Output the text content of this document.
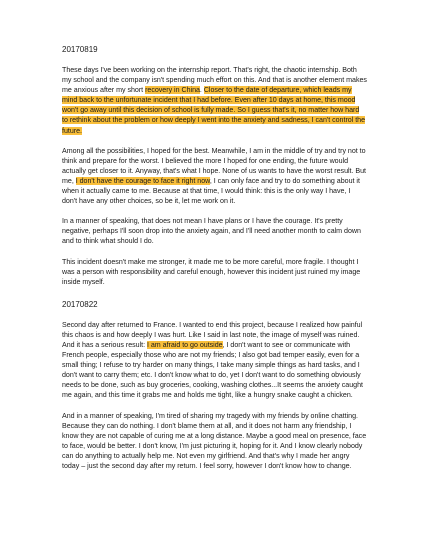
20170819

These days I've been working on the internship report. That's right, the chaotic internship. Both my school and the company isn't spending much effort on this. And that is another element makes me anxious after my short recovery in China. Closer to the date of departure, which leads my mind back to the unfortunate incident that I had before. Even after 10 days at home, this mood won't go away until this decision of school is fully made. So I guess that's it, no matter how hard to rethink about the problem or how deeply I went into the anxiety and sadness, I can't control the future.

Among all the possibilities, I hoped for the best. Meanwhile, I am in the middle of try and try not to think and prepare for the worst. I believed the more I hoped for one ending, the future would actually get closer to it. Anyway, that's what I hope. None of us wants to have the worst result. But me, I don't have the courage to face it right now, I can only face and try to do something about it when it actually came to me. Because at that time, I would think: this is the only way I have, I don't have any other choices, so be it, let me work on it.

In a manner of speaking, that does not mean I have plans or I have the courage. It's pretty negative, perhaps I'll soon drop into the anxiety again, and I'll need another month to calm down and to think what should I do.

This incident doesn't make me stronger, it made me to be more careful, more fragile. I thought I was a person with responsibility and careful enough, however this incident just ruined my image inside myself.

20170822

Second day after returned to France. I wanted to end this project, because I realized how painful this chaos is and how deeply I was hurt. Like I said in last note, the image of myself was ruined. And it has a serious result: I am afraid to go outside, I don't want to see or communicate with French people, especially those who are not my friends; I also got bad temper easily, even for a small thing; I refuse to try harder on many things, I take many simple things as hard tasks, and I don't want to carry them; etc. I don't know what to do, yet I don't want to do something obviously needs to be done, such as buy groceries, cooking, washing clothes...It seems the anxiety caught me again, and this time it grabs me and holds me tight, like a hungry snake caught a chicken.

And in a manner of speaking, I'm tired of sharing my tragedy with my friends by online chatting. Because they can do nothing. I don't blame them at all, and it does not harm any friendship, I know they are not capable of curing me at a long distance. Maybe a good meal on presence, face to face, would be better. I don't know, I'm just picturing it, hoping for it. And I know clearly nobody can do anything to actually help me. Not even my girlfriend. And that's why I made her angry today – just the second day after my return. I feel sorry, however I don't know how to change.
